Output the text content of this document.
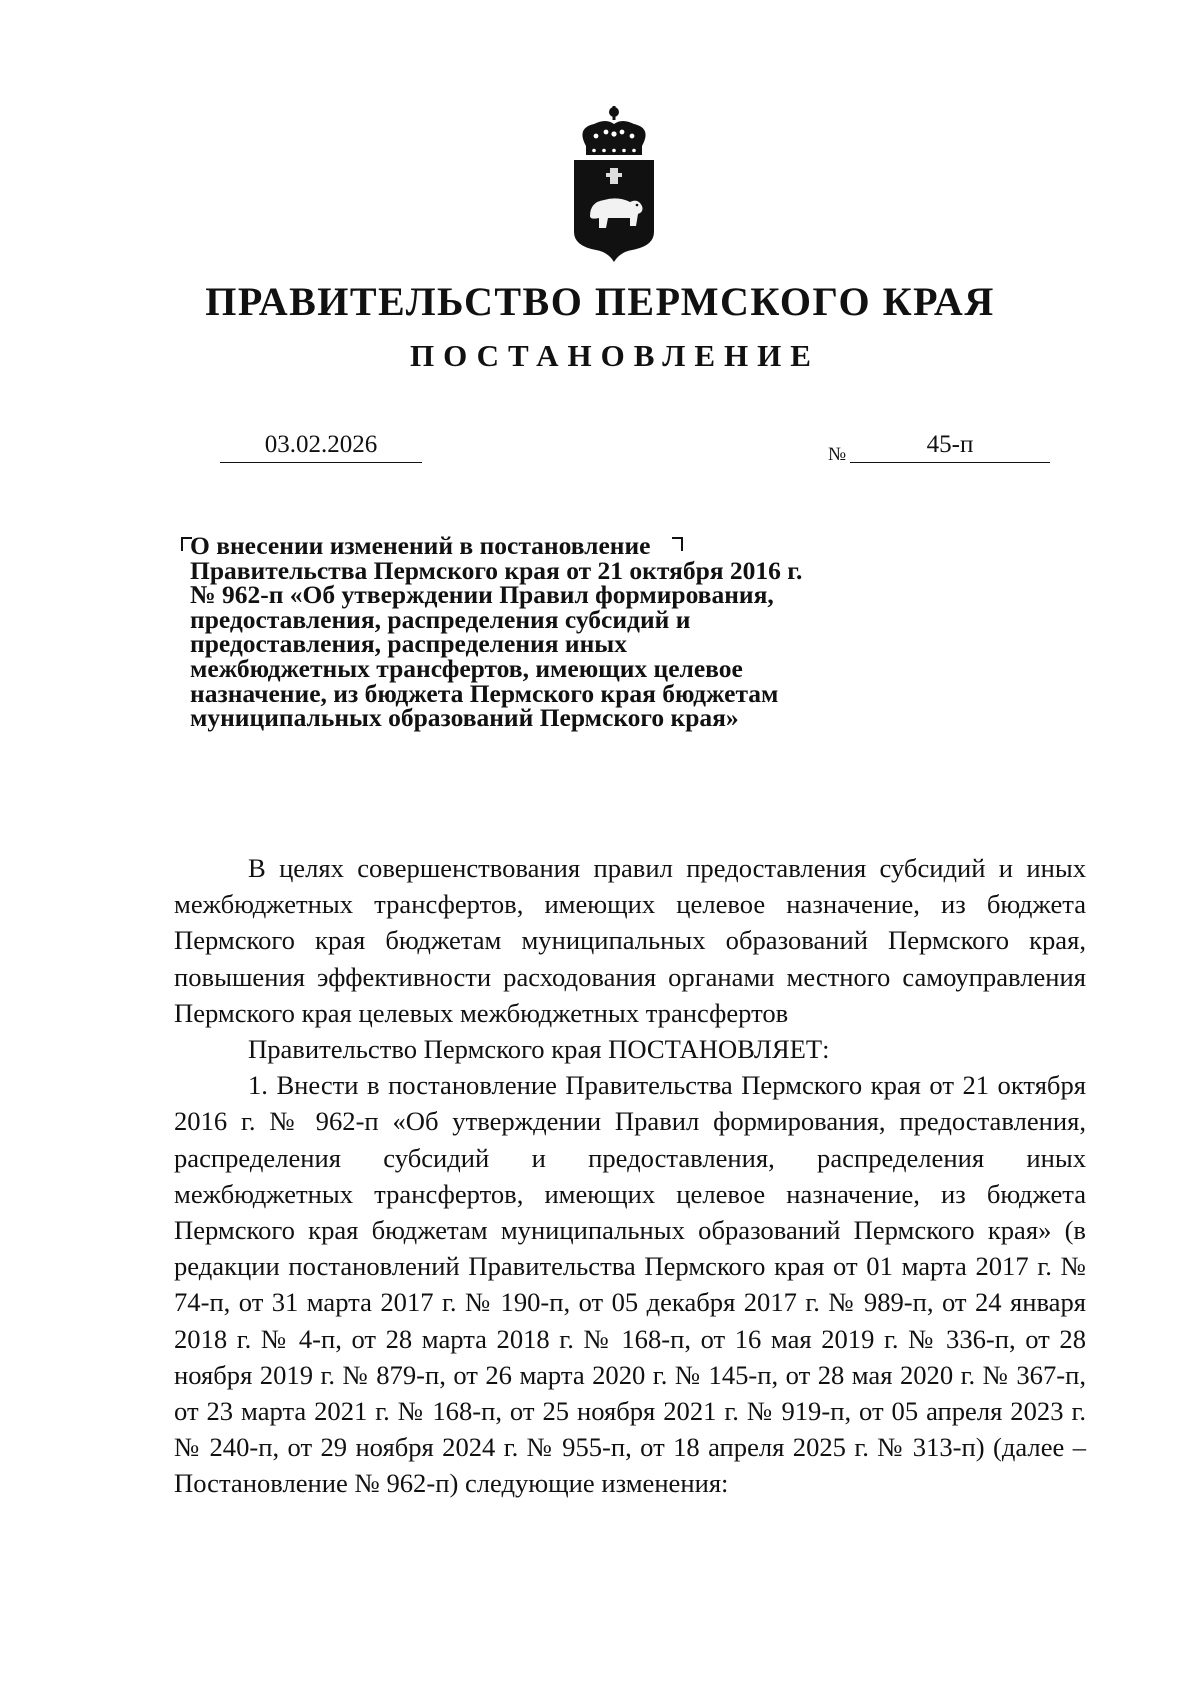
ПРАВИТЕЛЬСТВО ПЕРМСКОГО КРАЯ
ПОСТАНОВЛЕНИЕ
03.02.2026	№	45-п
О внесении изменений в постановление Правительства Пермского края от 21 октября 2016 г. № 962-п «Об утверждении Правил формирования, предоставления, распределения субсидий и предоставления, распределения иных межбюджетных трансфертов, имеющих целевое назначение, из бюджета Пермского края бюджетам муниципальных образований Пермского края»

В целях совершенствования правил предоставления субсидий и иных межбюджетных трансфертов, имеющих целевое назначение, из бюджета Пермского края бюджетам муниципальных образований Пермского края, повышения эффективности расходования органами местного самоуправления Пермского края целевых межбюджетных трансфертов

Правительство Пермского края ПОСТАНОВЛЯЕТ:

1. Внести в постановление Правительства Пермского края от 21 октября 2016 г. № 962-п «Об утверждении Правил формирования, предоставления, распределения субсидий и предоставления, распределения иных межбюджетных трансфертов, имеющих целевое назначение, из бюджета Пермского края бюджетам муниципальных образований Пермского края» (в редакции постановлений Правительства Пермского края от 01 марта 2017 г. № 74-п, от 31 марта 2017 г. № 190-п, от 05 декабря 2017 г. № 989-п, от 24 января 2018 г. № 4-п, от 28 марта 2018 г. № 168-п, от 16 мая 2019 г. № 336-п, от 28 ноября 2019 г. № 879-п, от 26 марта 2020 г. № 145-п, от 28 мая 2020 г. № 367-п, от 23 марта 2021 г. № 168-п, от 25 ноября 2021 г. № 919-п, от 05 апреля 2023 г. № 240-п, от 29 ноября 2024 г. № 955-п, от 18 апреля 2025 г. № 313-п) (далее – Постановление № 962-п) следующие изменения:
